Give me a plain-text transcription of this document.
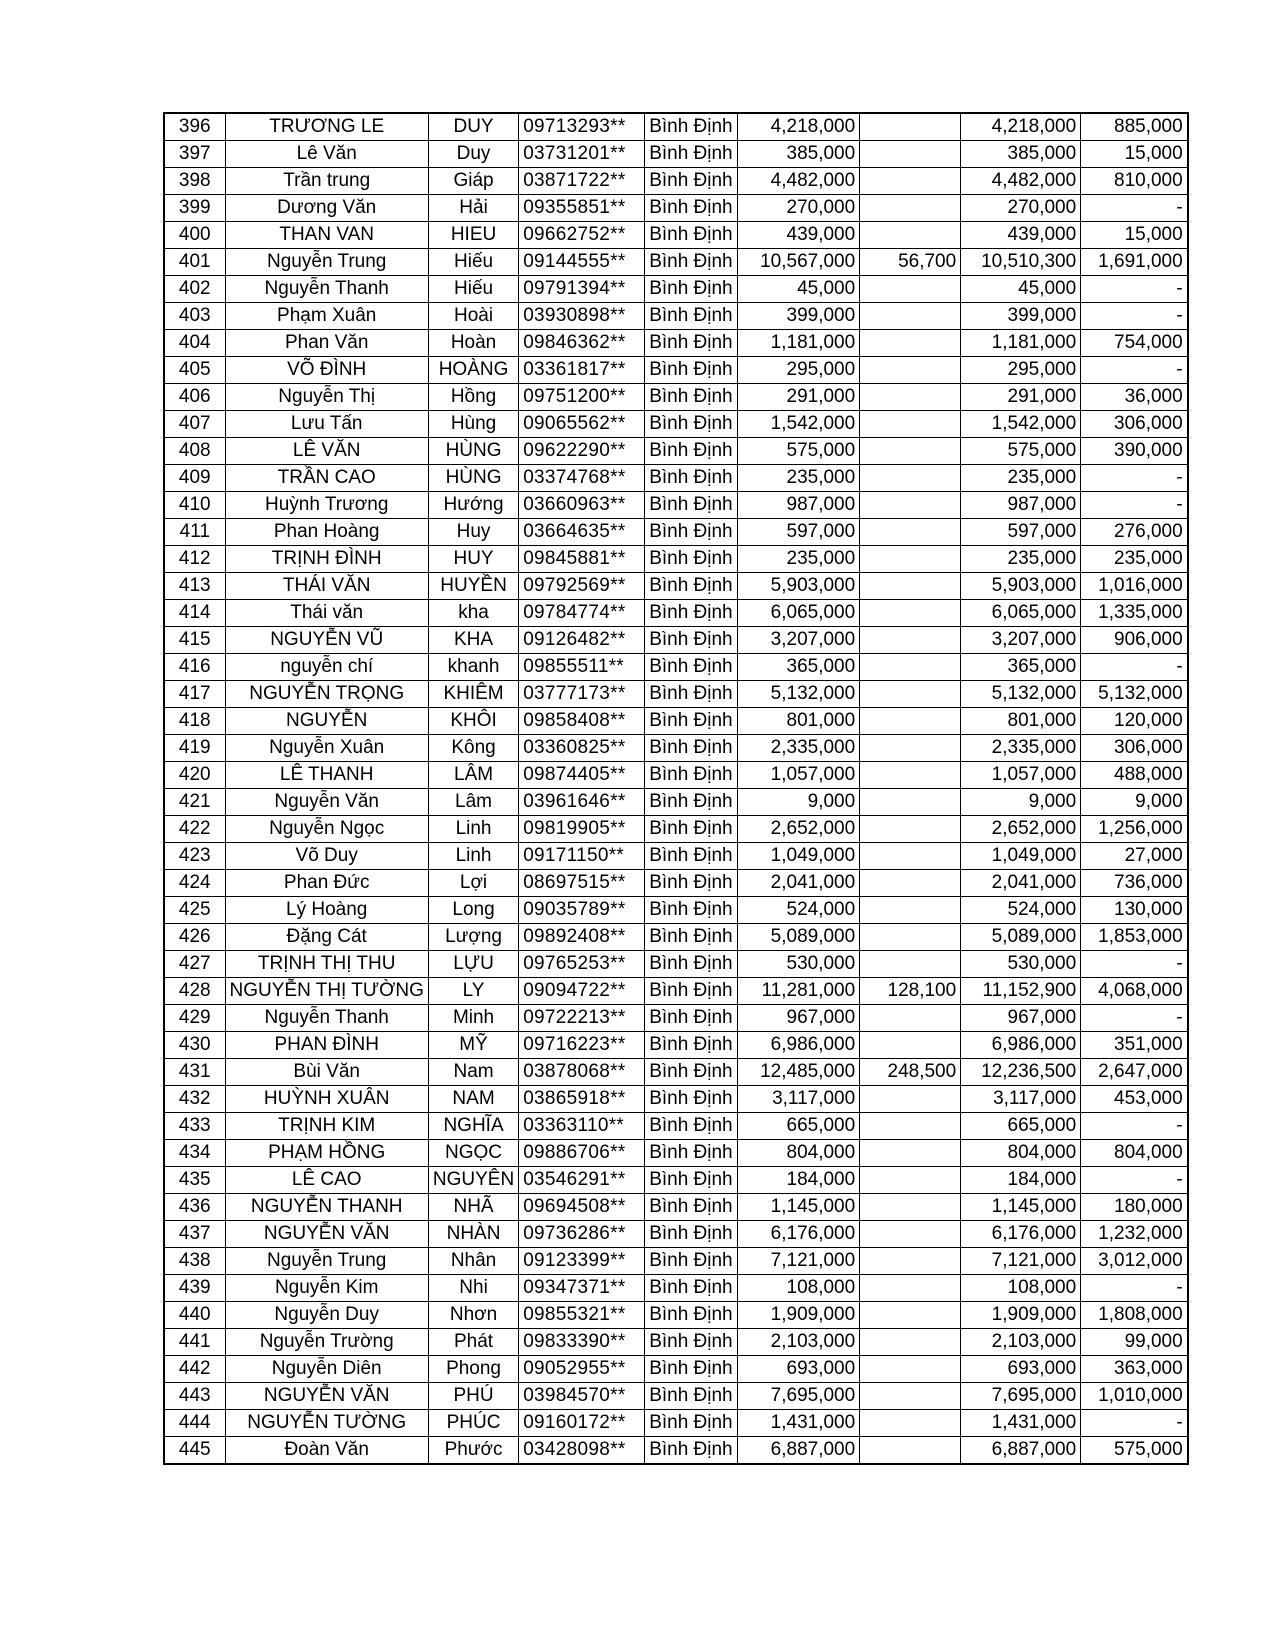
396	TRƯƠNG LE	DUY	09713293**	Bình Định	4,218,000		4,218,000	885,000
397	Lê Văn	Duy	03731201**	Bình Định	385,000		385,000	15,000
398	Trần trung	Giáp	03871722**	Bình Định	4,482,000		4,482,000	810,000
399	Dương Văn	Hải	09355851**	Bình Định	270,000		270,000	-
400	THAN VAN	HIEU	09662752**	Bình Định	439,000		439,000	15,000
401	Nguyễn Trung	Hiếu	09144555**	Bình Định	10,567,000	56,700	10,510,300	1,691,000
402	Nguyễn Thanh	Hiếu	09791394**	Bình Định	45,000		45,000	-
403	Phạm Xuân	Hoài	03930898**	Bình Định	399,000		399,000	-
404	Phan Văn	Hoàn	09846362**	Bình Định	1,181,000		1,181,000	754,000
405	VÕ ĐÌNH	HOÀNG	03361817**	Bình Định	295,000		295,000	-
406	Nguyễn Thị	Hồng	09751200**	Bình Định	291,000		291,000	36,000
407	Lưu Tấn	Hùng	09065562**	Bình Định	1,542,000		1,542,000	306,000
408	LÊ VĂN	HÙNG	09622290**	Bình Định	575,000		575,000	390,000
409	TRẦN CAO	HÙNG	03374768**	Bình Định	235,000		235,000	-
410	Huỳnh Trương	Hướng	03660963**	Bình Định	987,000		987,000	-
411	Phan Hoàng	Huy	03664635**	Bình Định	597,000		597,000	276,000
412	TRỊNH ĐÌNH	HUY	09845881**	Bình Định	235,000		235,000	235,000
413	THÁI VĂN	HUYỀN	09792569**	Bình Định	5,903,000		5,903,000	1,016,000
414	Thái văn	kha	09784774**	Bình Định	6,065,000		6,065,000	1,335,000
415	NGUYỄN VŨ	KHA	09126482**	Bình Định	3,207,000		3,207,000	906,000
416	nguyễn chí	khanh	09855511**	Bình Định	365,000		365,000	-
417	NGUYỄN TRỌNG	KHIÊM	03777173**	Bình Định	5,132,000		5,132,000	5,132,000
418	NGUYỄN	KHÔI	09858408**	Bình Định	801,000		801,000	120,000
419	Nguyễn Xuân	Kông	03360825**	Bình Định	2,335,000		2,335,000	306,000
420	LÊ THANH	LÂM	09874405**	Bình Định	1,057,000		1,057,000	488,000
421	Nguyễn Văn	Lâm	03961646**	Bình Định	9,000		9,000	9,000
422	Nguyễn Ngọc	Linh	09819905**	Bình Định	2,652,000		2,652,000	1,256,000
423	Võ Duy	Linh	09171150**	Bình Định	1,049,000		1,049,000	27,000
424	Phan Đức	Lợi	08697515**	Bình Định	2,041,000		2,041,000	736,000
425	Lý Hoàng	Long	09035789**	Bình Định	524,000		524,000	130,000
426	Đặng Cát	Lượng	09892408**	Bình Định	5,089,000		5,089,000	1,853,000
427	TRỊNH THỊ THU	LỰU	09765253**	Bình Định	530,000		530,000	-
428	NGUYỄN THỊ TƯỜNG	LY	09094722**	Bình Định	11,281,000	128,100	11,152,900	4,068,000
429	Nguyễn Thanh	Minh	09722213**	Bình Định	967,000		967,000	-
430	PHAN ĐÌNH	MỸ	09716223**	Bình Định	6,986,000		6,986,000	351,000
431	Bùi Văn	Nam	03878068**	Bình Định	12,485,000	248,500	12,236,500	2,647,000
432	HUỲNH XUÂN	NAM	03865918**	Bình Định	3,117,000		3,117,000	453,000
433	TRỊNH KIM	NGHĨA	03363110**	Bình Định	665,000		665,000	-
434	PHẠM HỒNG	NGỌC	09886706**	Bình Định	804,000		804,000	804,000
435	LÊ CAO	NGUYÊN	03546291**	Bình Định	184,000		184,000	-
436	NGUYỄN THANH	NHÃ	09694508**	Bình Định	1,145,000		1,145,000	180,000
437	NGUYỄN VĂN	NHÀN	09736286**	Bình Định	6,176,000		6,176,000	1,232,000
438	Nguyễn Trung	Nhân	09123399**	Bình Định	7,121,000		7,121,000	3,012,000
439	Nguyễn Kim	Nhi	09347371**	Bình Định	108,000		108,000	-
440	Nguyễn Duy	Nhơn	09855321**	Bình Định	1,909,000		1,909,000	1,808,000
441	Nguyễn Trường	Phát	09833390**	Bình Định	2,103,000		2,103,000	99,000
442	Nguyễn Diên	Phong	09052955**	Bình Định	693,000		693,000	363,000
443	NGUYỄN VĂN	PHÚ	03984570**	Bình Định	7,695,000		7,695,000	1,010,000
444	NGUYỄN TƯỜNG	PHÚC	09160172**	Bình Định	1,431,000		1,431,000	-
445	Đoàn Văn	Phước	03428098**	Bình Định	6,887,000		6,887,000	575,000
